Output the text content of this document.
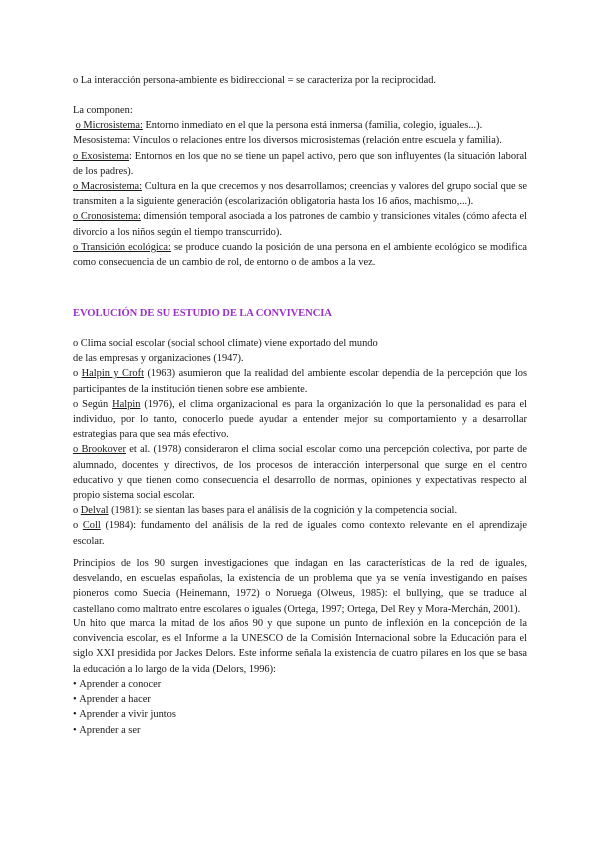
o La interacción persona-ambiente es bidireccional = se caracteriza por la reciprocidad.

La componen:

o Microsistema: Entorno inmediato en el que la persona está inmersa (familia, colegio, iguales...).

Mesosistema: Vínculos o relaciones entre los diversos microsistemas (relación entre escuela y familia).

o Exosistema: Entornos en los que no se tiene un papel activo, pero que son influyentes (la situación laboral de los padres).

o Macrosistema: Cultura en la que crecemos y nos desarrollamos; creencias y valores del grupo social que se transmiten a la siguiente generación (escolarización obligatoria hasta los 16 años, machismo,...).

o Cronosistema: dimensión temporal asociada a los patrones de cambio y transiciones vitales (cómo afecta el divorcio a los niños según el tiempo transcurrido).

o Transición ecológica: se produce cuando la posición de una persona en el ambiente ecológico se modifica como consecuencia de un cambio de rol, de entorno o de ambos a la vez.

EVOLUCIÓN DE SU ESTUDIO DE LA CONVIVENCIA

o Clima social escolar (social school climate) viene exportado del mundo

de las empresas y organizaciones (1947).

o Halpin y Croft (1963) asumieron que la realidad del ambiente escolar dependía de la percepción que los participantes de la institución tienen sobre ese ambiente.

o Según Halpin (1976), el clima organizacional es para la organización lo que la personalidad es para el individuo, por lo tanto, conocerlo puede ayudar a entender mejor su comportamiento y a desarrollar estrategias para que sea más efectivo.

o Brookover et al. (1978) consideraron el clima social escolar como una percepción colectiva, por parte de alumnado, docentes y directivos, de los procesos de interacción interpersonal que surge en el centro educativo y que tienen como consecuencia el desarrollo de normas, opiniones y expectativas respecto al propio sistema social escolar.

o Delval (1981): se sientan las bases para el análisis de la cognición y la competencia social.

o Coll (1984): fundamento del análisis de la red de iguales como contexto relevante en el aprendizaje escolar.

Principios de los 90 surgen investigaciones que indagan en las características de la red de iguales, desvelando, en escuelas españolas, la existencia de un problema que ya se venía investigando en países pioneros como Suecia (Heinemann, 1972) o Noruega (Olweus, 1985): el bullying, que se traduce al castellano como maltrato entre escolares o iguales (Ortega, 1997; Ortega, Del Rey y Mora-Merchán, 2001).

Un hito que marca la mitad de los años 90 y que supone un punto de inflexión en la concepción de la convivencia escolar, es el Informe a la UNESCO de la Comisión Internacional sobre la Educación para el siglo XXI presidida por Jackes Delors. Este informe señala la existencia de cuatro pilares en los que se basa la educación a lo largo de la vida (Delors, 1996):

• Aprender a conocer
• Aprender a hacer
• Aprender a vivir juntos
• Aprender a ser
